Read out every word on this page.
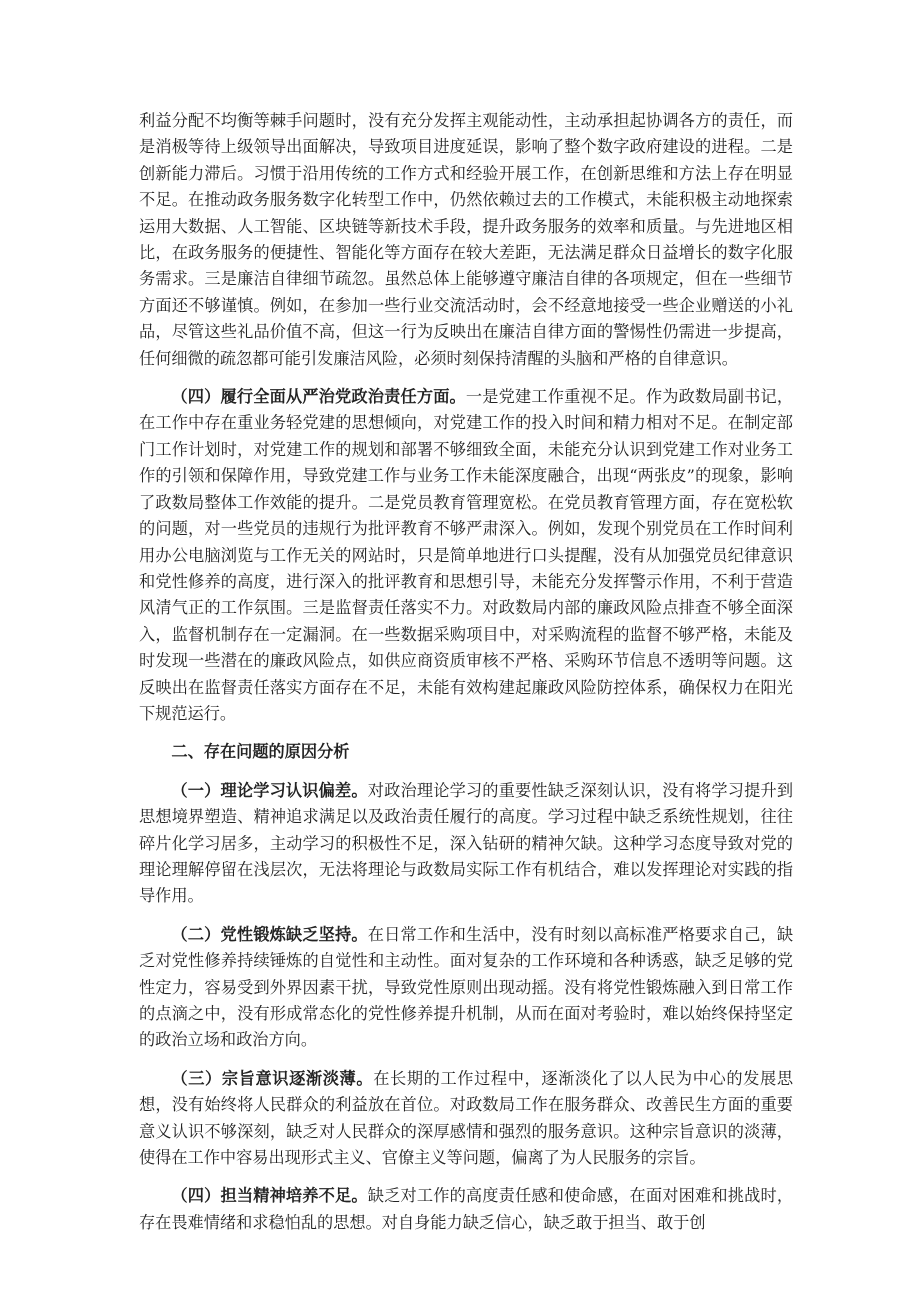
利益分配不均衡等棘手问题时，没有充分发挥主观能动性，主动承担起协调各方的责任，而是消极等待上级领导出面解决，导致项目进度延误，影响了整个数字政府建设的进程。二是创新能力滞后。习惯于沿用传统的工作方式和经验开展工作，在创新思维和方法上存在明显不足。在推动政务服务数字化转型工作中，仍然依赖过去的工作模式，未能积极主动地探索运用大数据、人工智能、区块链等新技术手段，提升政务服务的效率和质量。与先进地区相比，在政务服务的便捷性、智能化等方面存在较大差距，无法满足群众日益增长的数字化服务需求。三是廉洁自律细节疏忽。虽然总体上能够遵守廉洁自律的各项规定，但在一些细节方面还不够谨慎。例如，在参加一些行业交流活动时，会不经意地接受一些企业赠送的小礼品，尽管这些礼品价值不高，但这一行为反映出在廉洁自律方面的警惕性仍需进一步提高，任何细微的疏忽都可能引发廉洁风险，必须时刻保持清醒的头脑和严格的自律意识。

（四）履行全面从严治党政治责任方面。一是党建工作重视不足。作为政数局副书记，在工作中存在重业务轻党建的思想倾向，对党建工作的投入时间和精力相对不足。在制定部门工作计划时，对党建工作的规划和部署不够细致全面，未能充分认识到党建工作对业务工作的引领和保障作用，导致党建工作与业务工作未能深度融合，出现“两张皮”的现象，影响了政数局整体工作效能的提升。二是党员教育管理宽松。在党员教育管理方面，存在宽松软的问题，对一些党员的违规行为批评教育不够严肃深入。例如，发现个别党员在工作时间利用办公电脑浏览与工作无关的网站时，只是简单地进行口头提醒，没有从加强党员纪律意识和党性修养的高度，进行深入的批评教育和思想引导，未能充分发挥警示作用，不利于营造风清气正的工作氛围。三是监督责任落实不力。对政数局内部的廉政风险点排查不够全面深入，监督机制存在一定漏洞。在一些数据采购项目中，对采购流程的监督不够严格，未能及时发现一些潜在的廉政风险点，如供应商资质审核不严格、采购环节信息不透明等问题。这反映出在监督责任落实方面存在不足，未能有效构建起廉政风险防控体系，确保权力在阳光下规范运行。

二、存在问题的原因分析

（一）理论学习认识偏差。对政治理论学习的重要性缺乏深刻认识，没有将学习提升到思想境界塑造、精神追求满足以及政治责任履行的高度。学习过程中缺乏系统性规划，往往碎片化学习居多，主动学习的积极性不足，深入钻研的精神欠缺。这种学习态度导致对党的理论理解停留在浅层次，无法将理论与政数局实际工作有机结合，难以发挥理论对实践的指导作用。

（二）党性锻炼缺乏坚持。在日常工作和生活中，没有时刻以高标准严格要求自己，缺乏对党性修养持续锤炼的自觉性和主动性。面对复杂的工作环境和各种诱惑，缺乏足够的党性定力，容易受到外界因素干扰，导致党性原则出现动摇。没有将党性锻炼融入到日常工作的点滴之中，没有形成常态化的党性修养提升机制，从而在面对考验时，难以始终保持坚定的政治立场和政治方向。

（三）宗旨意识逐渐淡薄。在长期的工作过程中，逐渐淡化了以人民为中心的发展思想，没有始终将人民群众的利益放在首位。对政数局工作在服务群众、改善民生方面的重要意义认识不够深刻，缺乏对人民群众的深厚感情和强烈的服务意识。这种宗旨意识的淡薄，使得在工作中容易出现形式主义、官僚主义等问题，偏离了为人民服务的宗旨。

（四）担当精神培养不足。缺乏对工作的高度责任感和使命感，在面对困难和挑战时，存在畏难情绪和求稳怕乱的思想。对自身能力缺乏信心，缺乏敢于担当、敢于创
